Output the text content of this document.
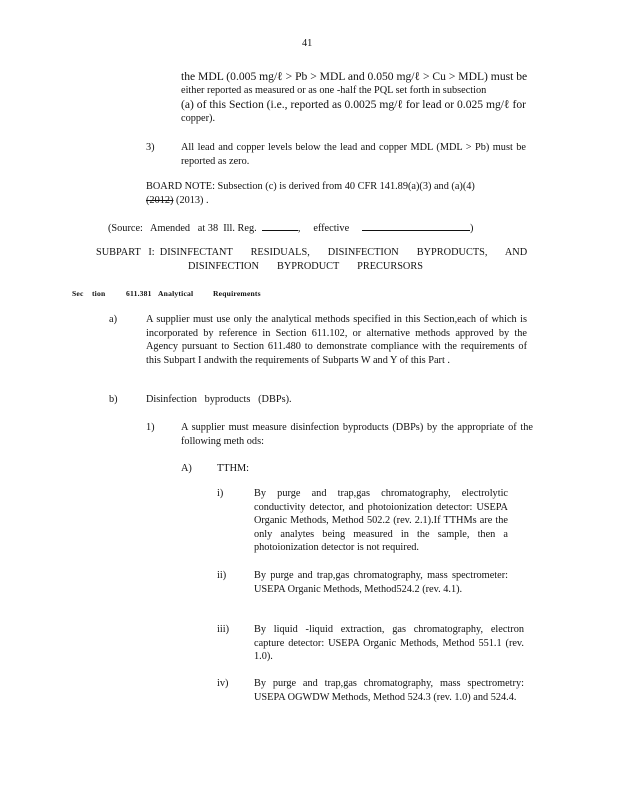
41
the MDL (0.005 mg/ℓ > Pb > MDL and 0.050 mg/ℓ > Cu > MDL) must be
either reported as measured or as one -half the PQL set forth in subsection
(a) of this Section (i.e., reported as 0.0025 mg/ℓ for lead or 0.025 mg/ℓ for
copper).
3)	All lead and copper levels below the lead and copper MDL (MDL > Pb) must be reported as zero.
BOARD NOTE: Subsection (c) is derived from 40 CFR 141.89(a)(3) and (a)(4)
(2012) (2013) .
(Source:   Amended   at 38  Ill. Reg.	, effective	)
SUBPART   I:  DISINFECTANT       RESIDUALS,       DISINFECTION       BYPRODUCTS,       AND
DISINFECTION       BYPRODUCT       PRECURSORS
Sec    tion	611.381 Analytical	Requirements
a)	A supplier must use only the analytical methods specified in this Section,each of which is incorporated by reference in Section 611.102, or alternative methods approved by the Agency pursuant to Section 611.480 to demonstrate compliance with the requirements of this Subpart I andwith the requirements of Subparts W and Y of this Part .
b)	Disinfection   byproducts   (DBPs).
1)	A supplier must measure disinfection byproducts (DBPs) by the appropriate of the following meth ods:
A) TTHM:
i)	By purge and trap,gas chromatography, electrolytic conductivity detector, and photoionization detector: USEPA Organic Methods, Method 502.2 (rev. 2.1).If TTHMs are the only analytes being measured in the sample, then a photoionization detector is not required.
ii)	By purge and trap,gas chromatography, mass spectrometer: USEPA Organic Methods, Method524.2 (rev. 4.1).
iii) By liquid -liquid extraction, gas chromatography, electron capture detector: USEPA Organic Methods, Method 551.1 (rev. 1.0).
iv) By purge and trap,gas chromatography, mass spectrometry: USEPA OGWDW Methods, Method 524.3 (rev. 1.0) and 524.4.
